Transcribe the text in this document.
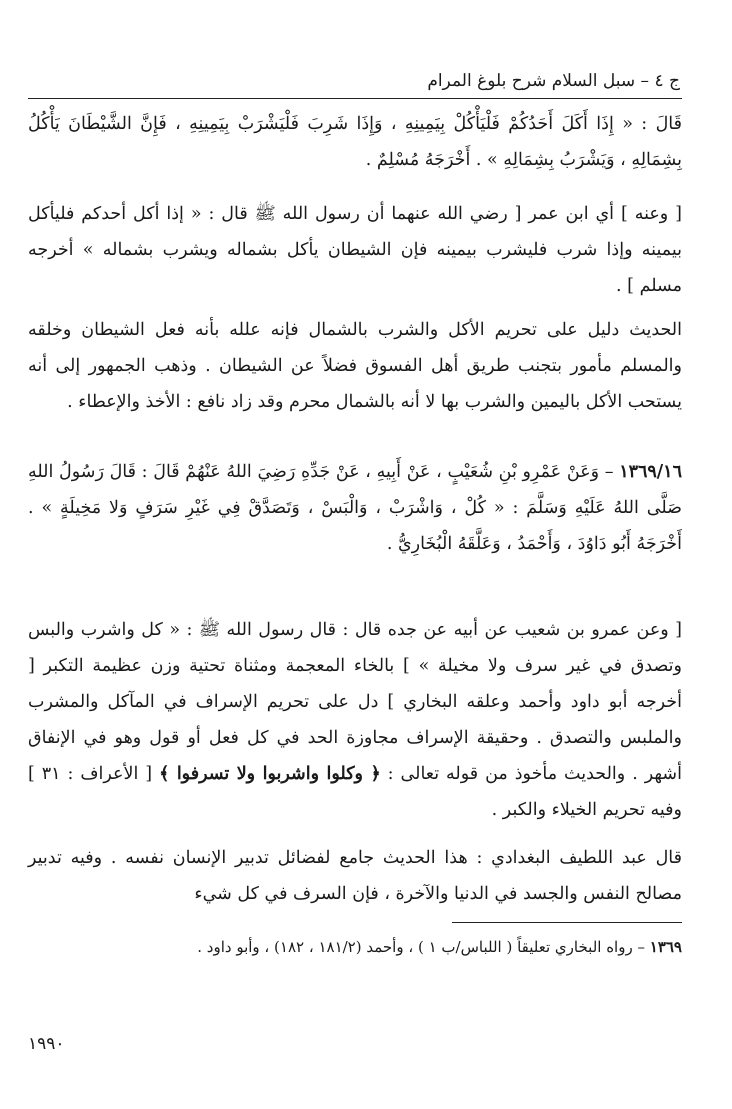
ج ٤ – سبل السلام شرح بلوغ المرام

قَالَ : « إِذَا أَكَلَ أَحَدُكُمْ فَلْيَأْكُلْ بِيَمِينِهِ ، وَإِذَا شَرِبَ فَلْيَشْرَبْ بِيَمِينِهِ ، فَإِنَّ الشَّيْطَانَ يَأْكُلُ بِشِمَالِهِ ، وَيَشْرَبُ بِشِمَالِهِ » . أَخْرَجَهُ مُسْلِمٌ .

[ وعنه ] أي ابن عمر [ رضي الله عنهما أن رسول الله ﷺ قال : « إذا أكل أحدكم فليأكل بيمينه وإذا شرب فليشرب بيمينه فإن الشيطان يأكل بشماله ويشرب بشماله » أخرجه مسلم ] .

الحديث دليل على تحريم الأكل والشرب بالشمال فإنه علله بأنه فعل الشيطان وخلقه والمسلم مأمور بتجنب طريق أهل الفسوق فضلاً عن الشيطان . وذهب الجمهور إلى أنه يستحب الأكل باليمين والشرب بها لا أنه بالشمال محرم وقد زاد نافع : الأخذ والإعطاء .

١٣٦٩/١٦ – وَعَنْ عَمْرِو بْنِ شُعَيْبٍ ، عَنْ أَبِيهِ ، عَنْ جَدِّهِ رَضِيَ اللهُ عَنْهُمْ قَالَ : قَالَ رَسُولُ اللهِ صَلَّى اللهُ عَلَيْهِ وَسَلَّمَ : « كُلْ ، وَاشْرَبْ ، وَالْبَسْ ، وَتَصَدَّقْ فِي غَيْرِ سَرَفٍ وَلا مَخِيلَةٍ » . أَخْرَجَهُ أَبُو دَاوُدَ ، وَأَحْمَدُ ، وَعَلَّقَهُ الْبُخَارِيُّ .

[ وعن عمرو بن شعيب عن أبيه عن جده قال : قال رسول الله ﷺ : « كل واشرب والبس وتصدق في غير سرف ولا مخيلة » ] بالخاء المعجمة ومثناة تحتية وزن عظيمة التكبر [ أخرجه أبو داود وأحمد وعلقه البخاري ] دل على تحريم الإسراف في المآكل والمشرب والملبس والتصدق . وحقيقة الإسراف مجاوزة الحد في كل فعل أو قول وهو في الإنفاق أشهر . والحديث مأخوذ من قوله تعالى : ﴿ وكلوا واشربوا ولا تسرفوا ﴾ [ الأعراف : ٣١ ] وفيه تحريم الخيلاء والكبر .

قال عبد اللطيف البغدادي : هذا الحديث جامع لفضائل تدبير الإنسان نفسه . وفيه تدبير مصالح النفس والجسد في الدنيا والآخرة ، فإن السرف في كل شيء

١٣٦٩ – رواه البخاري تعليقاً ( اللباس/ب ١ ) ، وأحمد (١٨١/٢ ، ١٨٢) ، وأبو داود .

١٩٩٠
